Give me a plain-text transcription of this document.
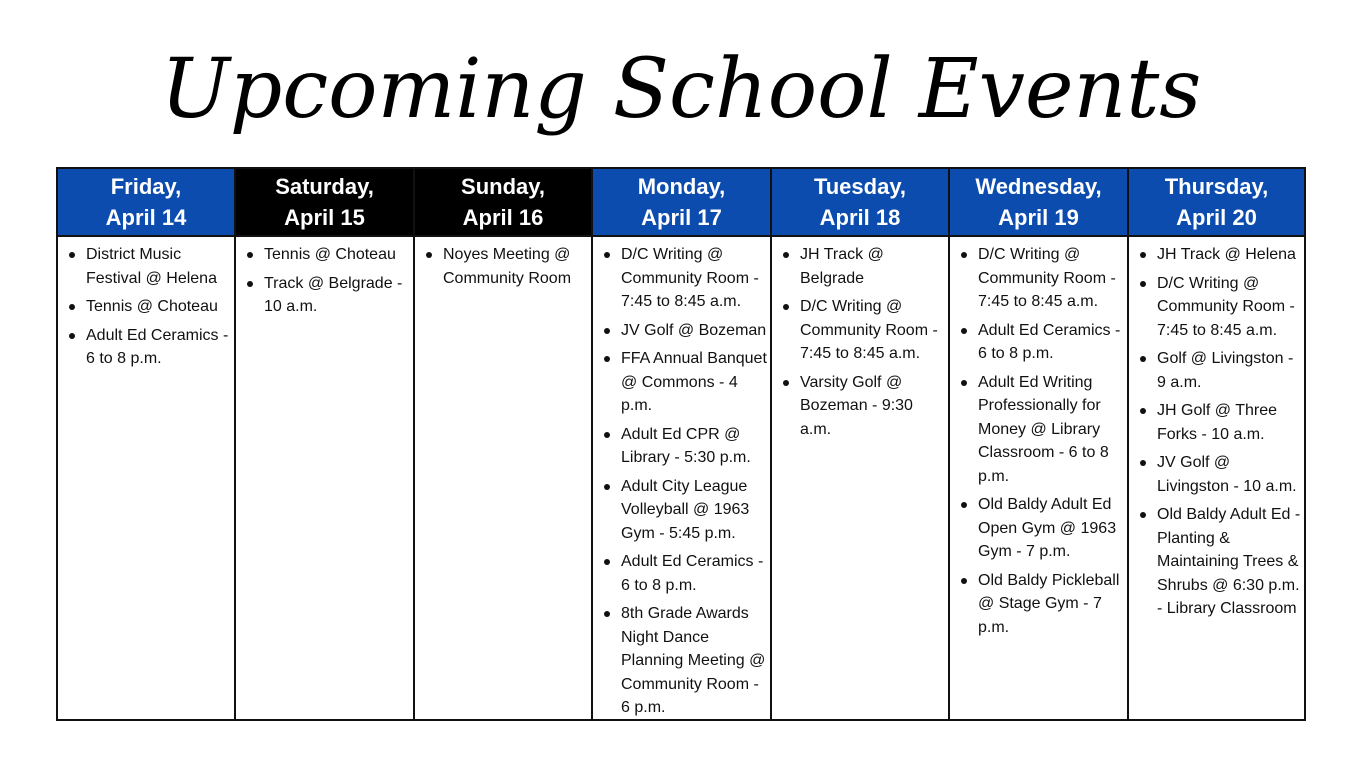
Upcoming School Events
Friday,
April 14
District Music Festival @ Helena
Tennis @ Choteau
Adult Ed Ceramics - 6 to 8 p.m.
Saturday,
April 15
Tennis @ Choteau
Track @ Belgrade - 10 a.m.
Sunday,
April 16
Noyes Meeting @ Community Room
Monday,
April 17
D/C Writing @ Community Room - 7:45 to 8:45 a.m.
JV Golf @ Bozeman
FFA Annual Banquet @ Commons - 4 p.m.
Adult Ed CPR @ Library - 5:30 p.m.
Adult City League Volleyball @ 1963 Gym - 5:45 p.m.
Adult Ed Ceramics - 6 to 8 p.m.
8th Grade Awards Night Dance Planning Meeting @ Community Room - 6 p.m.
Tuesday,
April 18
JH Track @ Belgrade
D/C Writing @ Community Room - 7:45 to 8:45 a.m.
Varsity Golf @ Bozeman - 9:30 a.m.
Wednesday,
April 19
D/C Writing @ Community Room - 7:45 to 8:45 a.m.
Adult Ed Ceramics - 6 to 8 p.m.
Adult Ed Writing Professionally for Money @ Library Classroom - 6 to 8 p.m.
Old Baldy Adult Ed Open Gym @ 1963 Gym - 7 p.m.
Old Baldy Pickleball @ Stage Gym - 7 p.m.
Thursday,
April 20
JH Track @ Helena
D/C Writing @ Community Room - 7:45 to 8:45 a.m.
Golf @ Livingston - 9 a.m.
JH Golf @ Three Forks - 10 a.m.
JV Golf @ Livingston - 10 a.m.
Old Baldy Adult Ed - Planting & Maintaining Trees & Shrubs @ 6:30 p.m. - Library Classroom
